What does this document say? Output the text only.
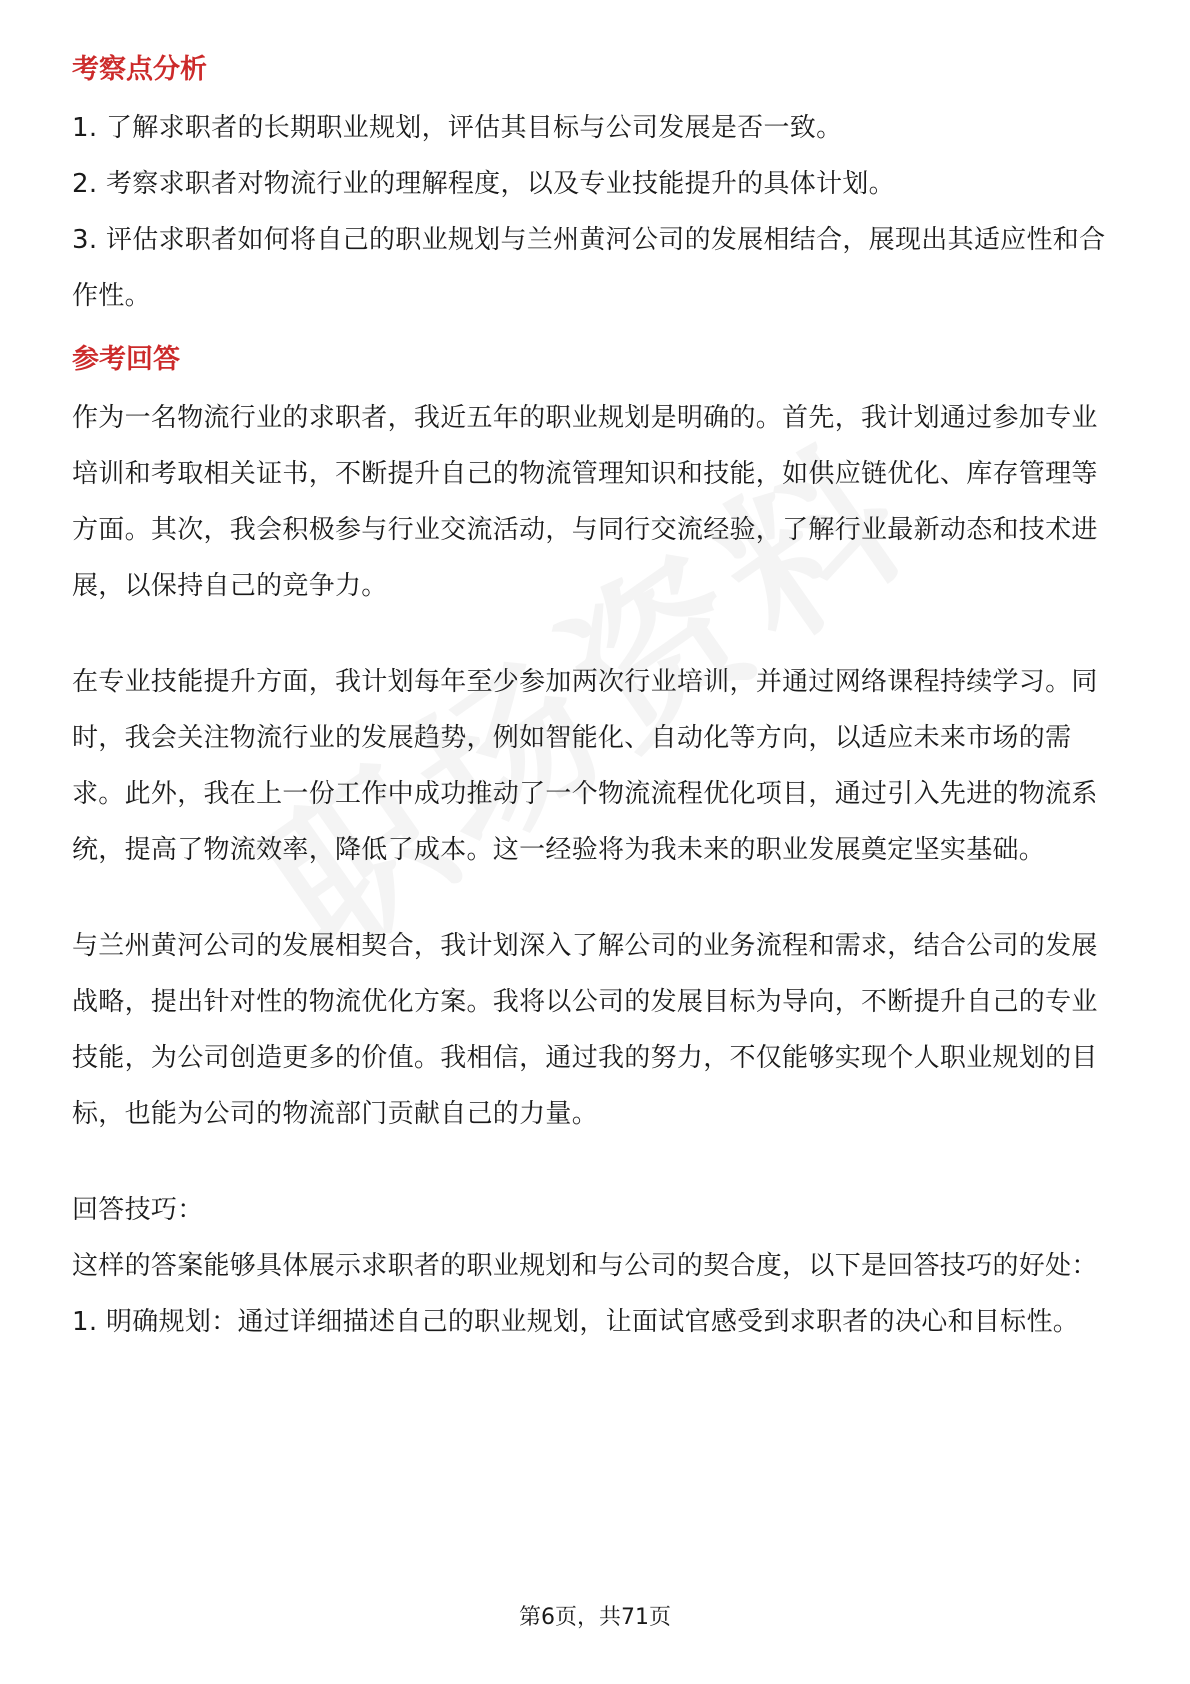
考察点分析

1. 了解求职者的长期职业规划，评估其目标与公司发展是否一致。

2. 考察求职者对物流行业的理解程度，以及专业技能提升的具体计划。

3. 评估求职者如何将自己的职业规划与兰州黄河公司的发展相结合，展现出其适应性和合作性。

参考回答

作为一名物流行业的求职者，我近五年的职业规划是明确的。首先，我计划通过参加专业培训和考取相关证书，不断提升自己的物流管理知识和技能，如供应链优化、库存管理等方面。其次，我会积极参与行业交流活动，与同行交流经验，了解行业最新动态和技术进展，以保持自己的竞争力。

在专业技能提升方面，我计划每年至少参加两次行业培训，并通过网络课程持续学习。同时，我会关注物流行业的发展趋势，例如智能化、自动化等方向，以适应未来市场的需求。此外，我在上一份工作中成功推动了一个物流流程优化项目，通过引入先进的物流系统，提高了物流效率，降低了成本。这一经验将为我未来的职业发展奠定坚实基础。

与兰州黄河公司的发展相契合，我计划深入了解公司的业务流程和需求，结合公司的发展战略，提出针对性的物流优化方案。我将以公司的发展目标为导向，不断提升自己的专业技能，为公司创造更多的价值。我相信，通过我的努力，不仅能够实现个人职业规划的目标，也能为公司的物流部门贡献自己的力量。

回答技巧：

这样的答案能够具体展示求职者的职业规划和与公司的契合度，以下是回答技巧的好处：

1. 明确规划：通过详细描述自己的职业规划，让面试官感受到求职者的决心和目标性。

第6页，共71页
